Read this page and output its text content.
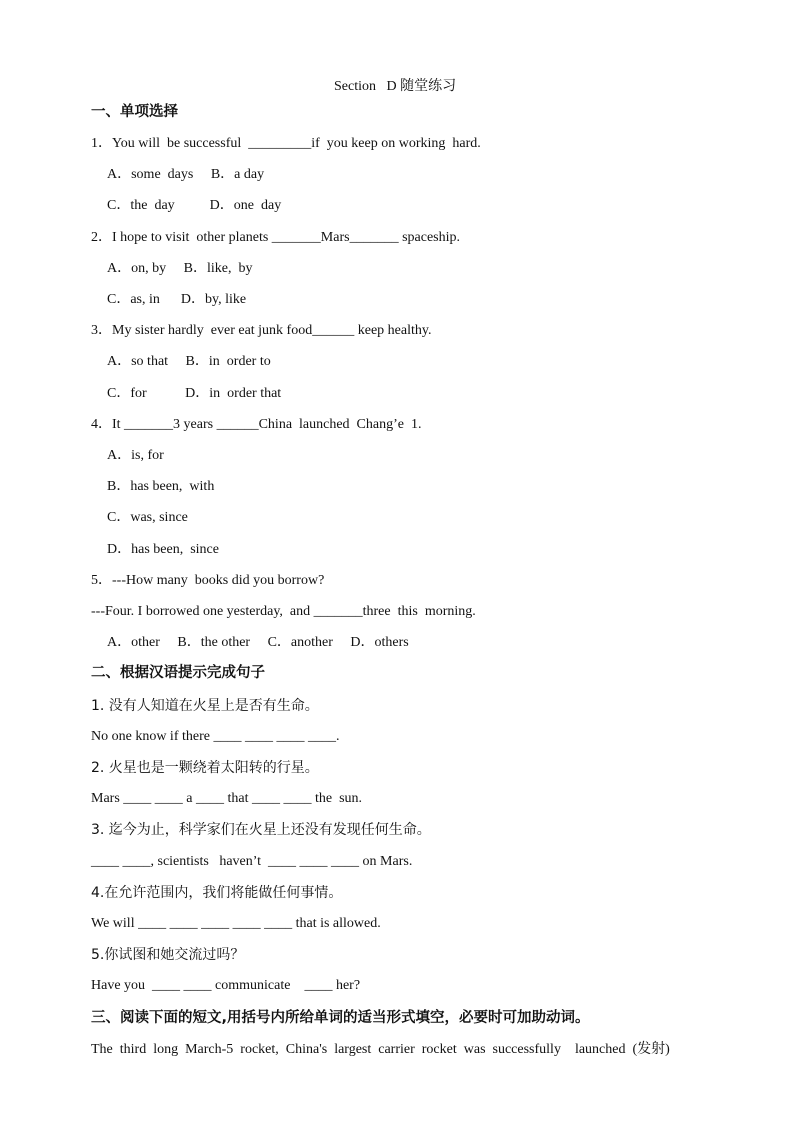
Section   D 随堂练习
一、单项选择
1．You will  be successful  _________if  you keep on working  hard.
A．some  days     B．a day
C．the  day          D．one  day
2．I hope to visit  other planets _______Mars_______ spaceship.
A．on, by     B．like,  by
C．as, in      D．by, like
3．My sister hardly  ever eat junk food______ keep healthy.
A．so that     B．in  order to
C．for           D．in  order that
4．It _______3 years ______China  launched  Chang’e  1.
A．is, for
B．has been,  with
C．was, since
D．has been,  since
5．---How many  books did you borrow?
---Four. I borrowed one yesterday,  and _______three  this  morning.
A．other     B．the other     C．another     D．others
二、根据汉语提示完成句子
1. 没有人知道在火星上是否有生命。
No one know if there ____ ____ ____ ____.
2. 火星也是一颗绕着太阳转的行星。
Mars ____ ____ a ____ that ____ ____ the  sun.
3. 迄今为止，科学家们在火星上还没有发现任何生命。
____ ____, scientists   haven’t  ____ ____ ____ on Mars.
4.在允许范围内，我们将能做任何事情。
We will ____ ____ ____ ____ ____ that is allowed.
5.你试图和她交流过吗？
Have you  ____ ____ communicate    ____ her?
三、阅读下面的短文,用括号内所给单词的适当形式填空，必要时可加助动词。
The  third  long  March-5  rocket,  China's  largest  carrier  rocket  was  successfully    launched  (发射)
